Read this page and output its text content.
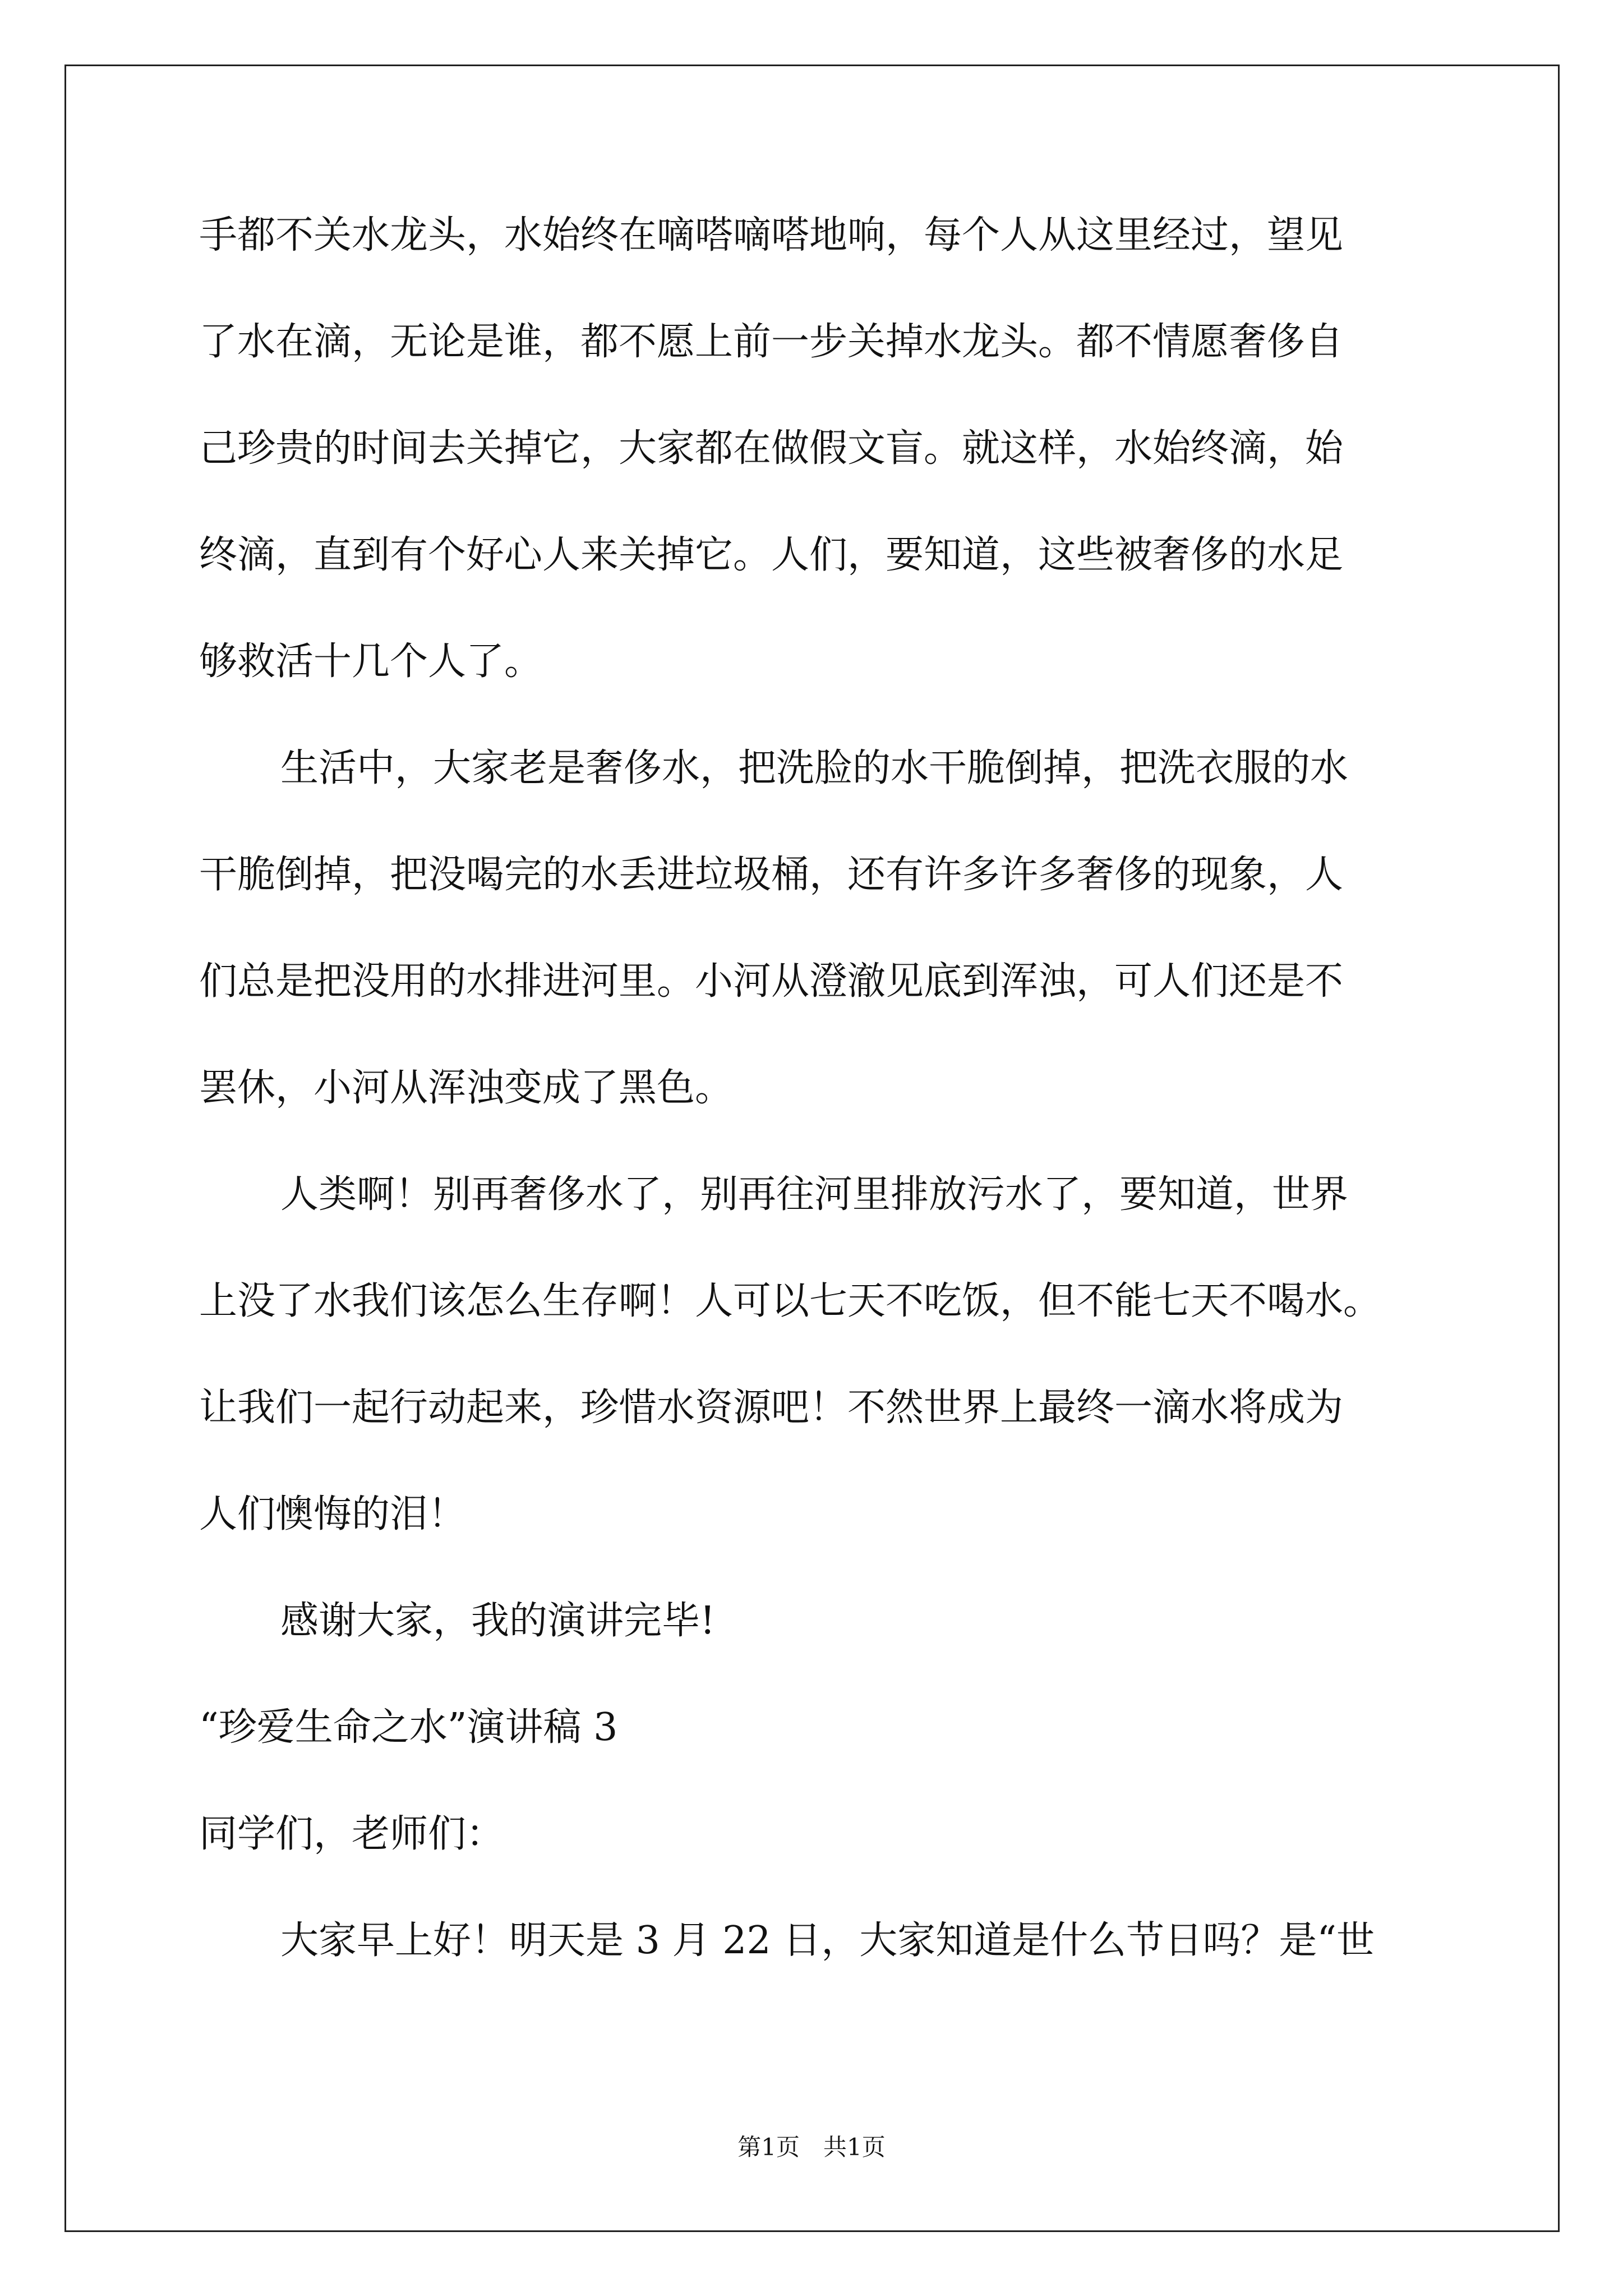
手都不关水龙头，水始终在嘀嗒嘀嗒地响，每个人从这里经过，望见
了水在滴，无论是谁，都不愿上前一步关掉水龙头。都不情愿奢侈自
己珍贵的时间去关掉它，大家都在做假文盲。就这样，水始终滴，始
终滴，直到有个好心人来关掉它。人们，要知道，这些被奢侈的水足
够救活十几个人了。
生活中，大家老是奢侈水，把洗脸的水干脆倒掉，把洗衣服的水
干脆倒掉，把没喝完的水丢进垃圾桶，还有许多许多奢侈的现象，人
们总是把没用的水排进河里。小河从澄澈见底到浑浊，可人们还是不
罢休，小河从浑浊变成了黑色。
人类啊！别再奢侈水了，别再往河里排放污水了，要知道，世界
上没了水我们该怎么生存啊！人可以七天不吃饭，但不能七天不喝水。
让我们一起行动起来，珍惜水资源吧！不然世界上最终一滴水将成为
人们懊悔的泪！
感谢大家，我的演讲完毕!
“珍爱生命之水”演讲稿 3
同学们，老师们：
大家早上好！明天是 3 月 22 日，大家知道是什么节日吗？是“世
第1页　共1页
